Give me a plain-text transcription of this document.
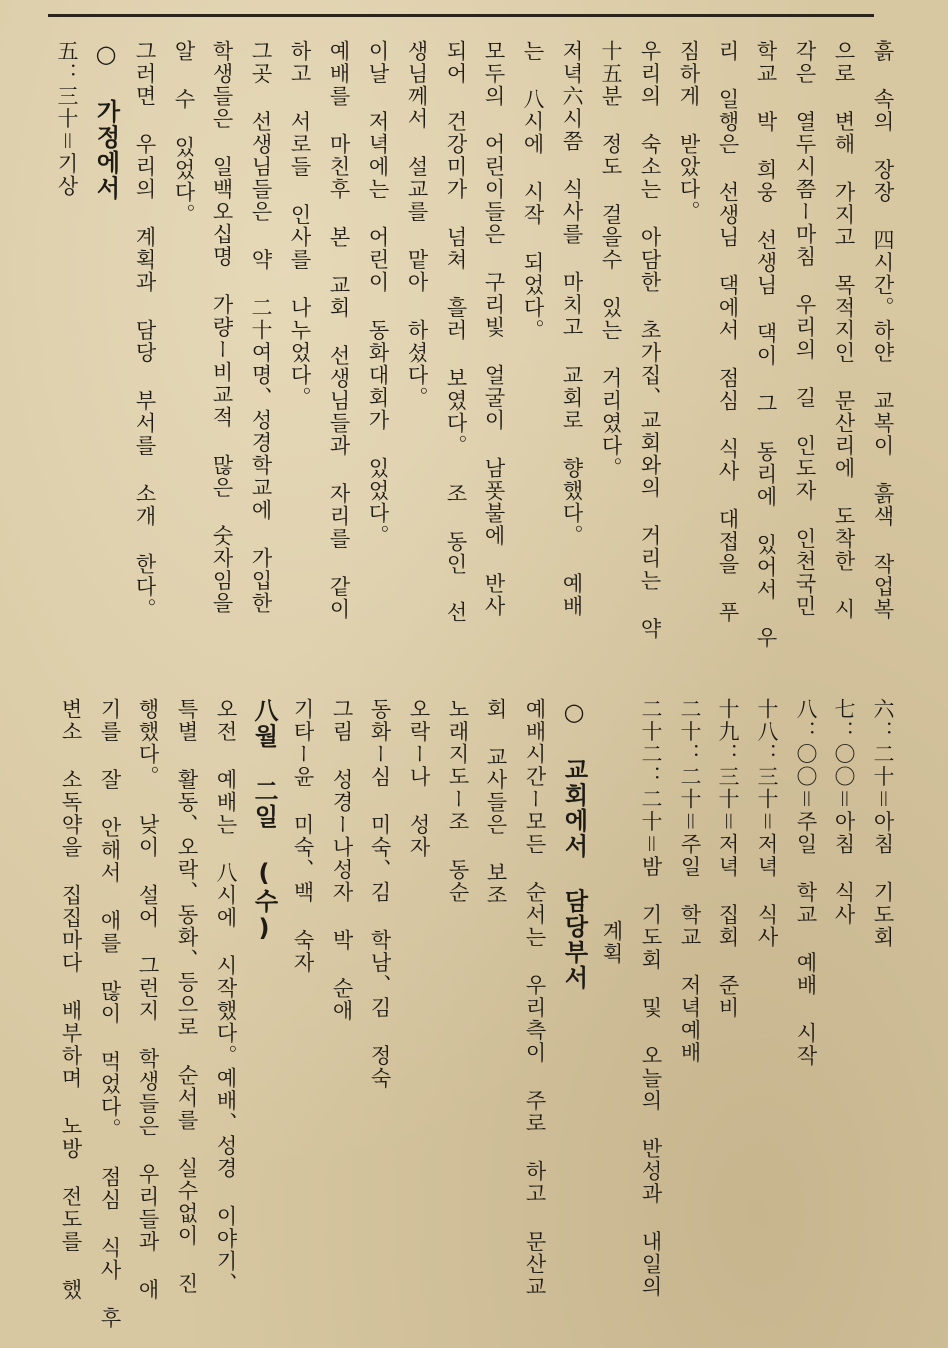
흙 속의 장장 四시간。하얀 교복이 흙색 작업복
으로 변해 가지고 목적지인 문산리에 도착한 시
각은 열두시쯤ー마침 우리의 길 인도자 인천국민
학교 박 희웅 선생님 댁이 그 동리에 있어서 우
리 일행은 선생님 댁에서 점심 식사 대접을 푸
짐하게 받았다。
우리의 숙소는 아담한 초가집、교회와의 거리는 약
十五분 정도 걸을수 있는 거리였다。
저녁六시쯤 식사를 마치고 교회로 향했다。 예배
는 八시에 시작 되었다。
모두의 어린이들은 구리빛 얼굴이 남폿불에 반사
되어 건강미가 넘쳐 흘러 보였다。 조 동인 선
생님께서 설교를 맡아 하셨다。
이날 저녁에는 어린이 동화대회가 있었다。
예배를 마친후 본 교회 선생님들과 자리를 같이
하고 서로들 인사를 나누었다。
그곳 선생님들은 약 二十여명、성경학교에 가입한
학생들은 일백오십명 가량ー비교적 많은 숫자임을
알 수 있었다。
그러면 우리의 계획과 담당 부서를 소개 한다。
○ 가정에서
五：三十＝기상
六：二十＝아침 기도회
七：〇〇＝아침 식사
八：〇〇＝주일 학교 예배 시작
十八：三十＝저녁 식사
十九：三十＝저녁 집회 준비
二十：二十＝주일 학교 저녁예배
二十二：二十＝밤 기도회 및 오늘의 반성과 내일의
계획
○ 교회에서 담당부서
예배시간ー모든 순서는 우리측이 주로 하고 문산교
회 교사들은 보조
노래지도ー조 동순
오락ー나 성자
동화ー심 미숙、김 학남、김 정숙
그림 성경ー나성자 박 순애
기타ー윤 미숙、백 숙자
八월 二일 (수)
오전 예배는 八시에 시작했다。예배、성경 이야기、
특별 활동、오락、동화、등으로 순서를 실수없이 진
행했다。 낮이 설어 그런지 학생들은 우리들과 애
기를 잘 안해서 애를 많이 먹었다。 점심 식사 후
변소 소독약을 집집마다 배부하며 노방 전도를 했
